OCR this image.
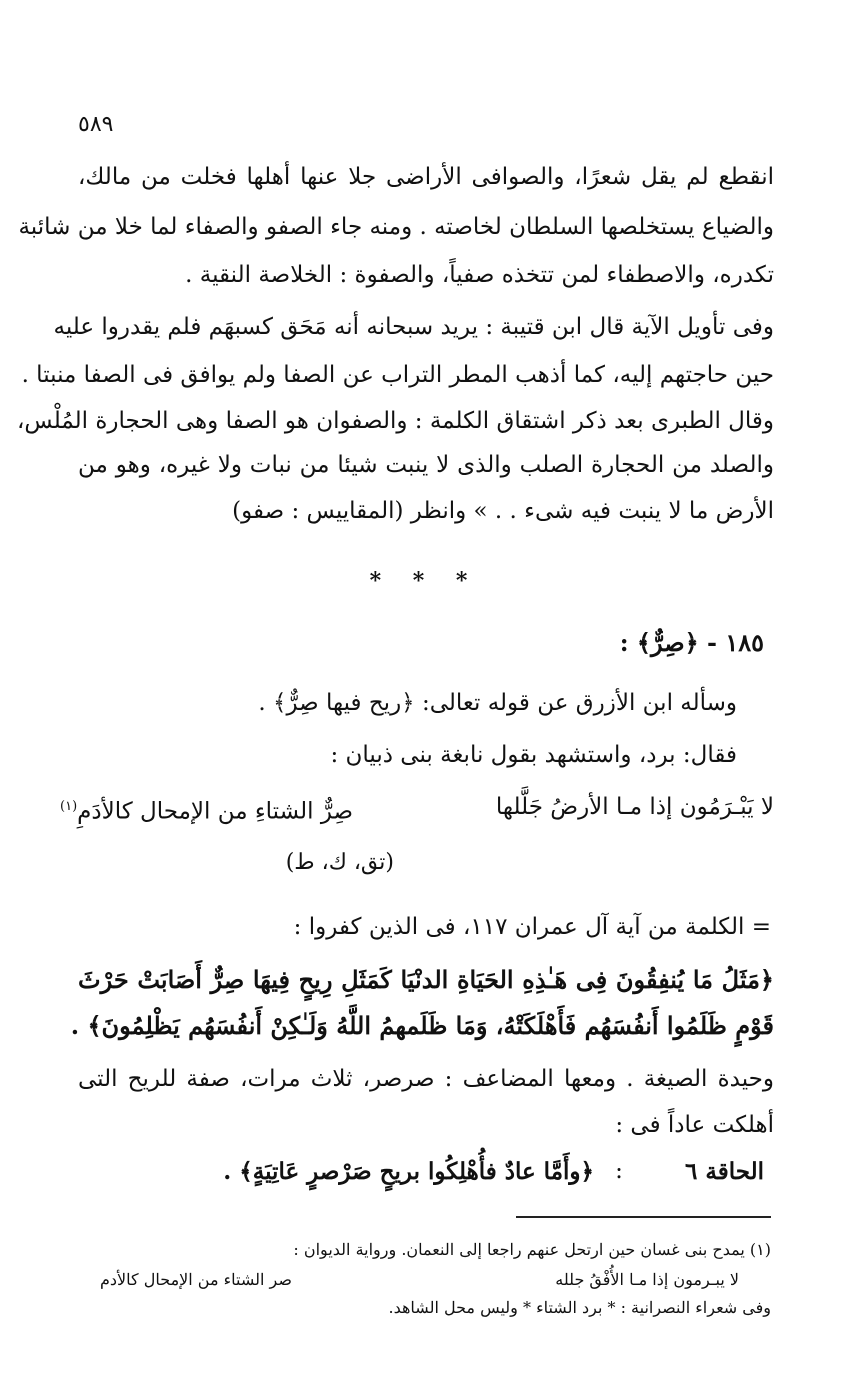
٥٨٩
انقطع لم يقل شعرًا، والصوافى الأراضى جلا عنها أهلها فخلت من مالك،
والضياع يستخلصها السلطان لخاصته . ومنه جاء الصفو والصفاء لما خلا من شائبة
تكدره، والاصطفاء لمن تتخذه صفياً، والصفوة : الخلاصة النقية .
وفى تأويل الآية قال ابن قتيبة : يريد سبحانه أنه مَحَق كسبهَم فلم يقدروا عليه
حين حاجتهم إليه، كما أذهب المطر التراب عن الصفا ولم يوافق فى الصفا منبتا .
وقال الطبرى بعد ذكر اشتقاق الكلمة : والصفوان هو الصفا وهى الحجارة المُلْس،
والصلد من الحجارة الصلب والذى لا ينبت شيئا من نبات ولا غيره، وهو من
الأرض ما لا ينبت فيه شىء . . » وانظر (المقاييس : صفو)
* * *
١٨٥ - ﴿صِرٌّ﴾ :
وسأله ابن الأزرق عن قوله تعالى: ﴿ريح فيها صِرٌّ﴾ .
فقال: برد، واستشهد بقول نابغة بنى ذبيان :
لا يَبْـرَمُون إذا مـا الأرضُ جَلَّلها
صِرٌّ الشتاءِ من الإمحال كالأدَمِ$^{(١)}$
(تق، ك، ط)
= الكلمة من آية آل عمران ١١٧، فى الذين كفروا :
﴿مَثَلُ مَا يُنفِقُونَ فِى هَـٰذِهِ الحَيَاةِ الدنْيَا كَمَثَلِ رِيحٍ فِيهَا صِرٌّ أَصَابَتْ حَرْثَ
قَوْمٍ ظَلَمُوا أَنفُسَهُم فَأَهْلَكَتْهُ، وَمَا ظَلَمهمُ اللَّهُ وَلَـٰكِنْ أَنفُسَهُم يَظْلِمُونَ﴾ .
وحيدة الصيغة . ومعها المضاعف : صرصر، ثلاث مرات، صفة للريح التى
أهلكت عاداً فى :
الحاقة ٦
:
﴿وأَمَّا عادٌ فأُهْلِكُوا بريحٍ صَرْصرٍ عَاتِيَةٍ﴾ .
(١) يمدح بنى غسان حين ارتحل عنهم راجعا إلى النعمان. ورواية الديوان :
لا يبـرمون إذا مـا الأُفْقُ جلله
صر الشتاء من الإمحال كالأدم
وفى شعراء النصرانية : * برد الشتاء * وليس محل الشاهد.
